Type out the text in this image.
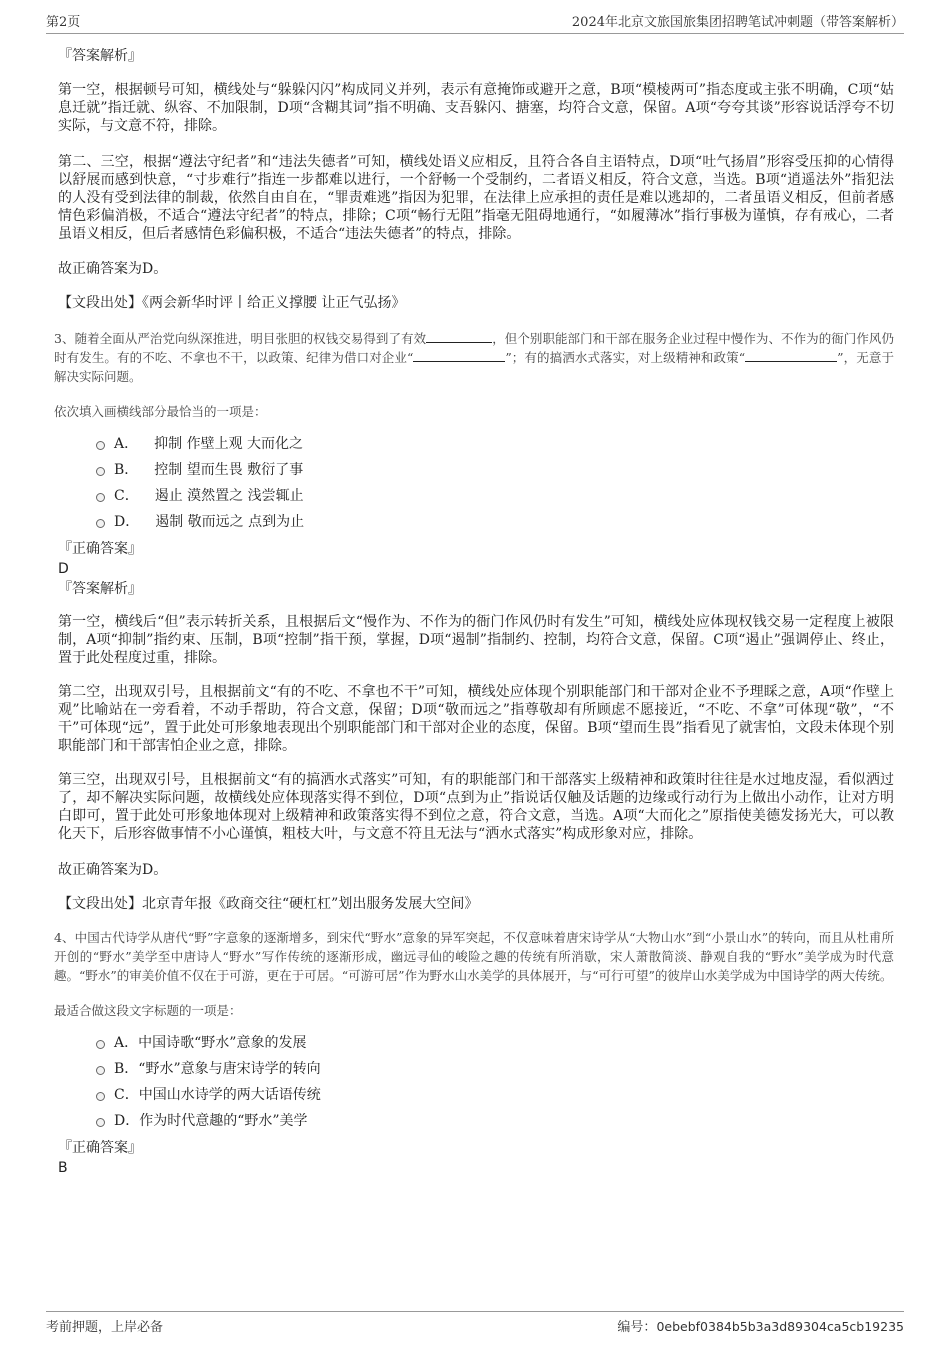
第2页	2024年北京文旅国旅集团招聘笔试冲刺题（带答案解析）
『答案解析』
第一空，根据顿号可知，横线处与“躲躲闪闪”构成同义并列，表示有意掩饰或避开之意，B项“模棱两可”指态度或主张不明确，C项“姑息迁就”指迁就、纵容、不加限制，D项“含糊其词”指不明确、支吾躲闪、搪塞，均符合文意，保留。A项“夸夸其谈”形容说话浮夸不切实际，与文意不符，排除。
第二、三空，根据“遵法守纪者”和“违法失德者”可知，横线处语义应相反，且符合各自主语特点，D项“吐气扬眉”形容受压抑的心情得以舒展而感到快意，“寸步难行”指连一步都难以进行，一个舒畅一个受制约，二者语义相反，符合文意，当选。B项“逍遥法外”指犯法的人没有受到法律的制裁，依然自由自在，“罪责难逃”指因为犯罪，在法律上应承担的责任是难以逃却的，二者虽语义相反，但前者感情色彩偏消极，不适合“遵法守纪者”的特点，排除；C项“畅行无阻”指毫无阻碍地通行，“如履薄冰”指行事极为谨慎，存有戒心，二者虽语义相反，但后者感情色彩偏积极，不适合“违法失德者”的特点，排除。
故正确答案为D。
【文段出处】《两会新华时评丨给正义撑腰 让正气弘扬》
3、随着全面从严治党向纵深推进，明目张胆的权钱交易得到了有效	，但个别职能部门和干部在服务企业过程中慢作为、不作为的衙门作风仍时有发生。有的不吃、不拿也不干，以政策、纪律为借口对企业“	”；有的搞洒水式落实，对上级精神和政策“	”，无意于解决实际问题。
依次填入画横线部分最恰当的一项是：
A． 抑制 作壁上观 大而化之
B． 控制 望而生畏 敷衍了事
C． 遏止 漠然置之 浅尝辄止
D． 遏制 敬而远之 点到为止
『正确答案』
D
『答案解析』
第一空，横线后“但”表示转折关系，且根据后文“慢作为、不作为的衙门作风仍时有发生”可知，横线处应体现权钱交易一定程度上被限制，A项“抑制”指约束、压制，B项“控制”指干预，掌握，D项“遏制”指制约、控制，均符合文意，保留。C项“遏止”强调停止、终止，置于此处程度过重，排除。
第二空，出现双引号，且根据前文“有的不吃、不拿也不干”可知，横线处应体现个别职能部门和干部对企业不予理睬之意，A项“作壁上观”比喻站在一旁看着，不动手帮助，符合文意，保留；D项“敬而远之”指尊敬却有所顾虑不愿接近，“不吃、不拿”可体现“敬”，“不干”可体现“远”，置于此处可形象地表现出个别职能部门和干部对企业的态度，保留。B项“望而生畏”指看见了就害怕，文段未体现个别职能部门和干部害怕企业之意，排除。
第三空，出现双引号，且根据前文“有的搞洒水式落实”可知，有的职能部门和干部落实上级精神和政策时往往是水过地皮湿，看似洒过了，却不解决实际问题，故横线处应体现落实得不到位，D项“点到为止”指说话仅触及话题的边缘或行动行为上做出小动作，让对方明白即可，置于此处可形象地体现对上级精神和政策落实得不到位之意，符合文意，当选。A项“大而化之”原指使美德发扬光大，可以教化天下，后形容做事情不小心谨慎，粗枝大叶，与文意不符且无法与“洒水式落实”构成形象对应，排除。
故正确答案为D。
【文段出处】北京青年报《政商交往“硬杠杠”划出服务发展大空间》
4、中国古代诗学从唐代“野”字意象的逐渐增多，到宋代“野水”意象的异军突起，不仅意味着唐宋诗学从“大物山水”到“小景山水”的转向，而且从杜甫所开创的“野水”美学至中唐诗人“野水”写作传统的逐渐形成，幽远寻仙的峻险之趣的传统有所消歇，宋人萧散简淡、静观自我的“野水”美学成为时代意趣。“野水”的审美价值不仅在于可游，更在于可居。“可游可居”作为野水山水美学的具体展开，与“可行可望”的彼岸山水美学成为中国诗学的两大传统。
最适合做这段文字标题的一项是：
A．中国诗歌“野水”意象的发展
B．“野水”意象与唐宋诗学的转向
C．中国山水诗学的两大话语传统
D．作为时代意趣的“野水”美学
『正确答案』
B
考前押题，上岸必备	编号：0ebebf0384b5b3a3d89304ca5cb19235
